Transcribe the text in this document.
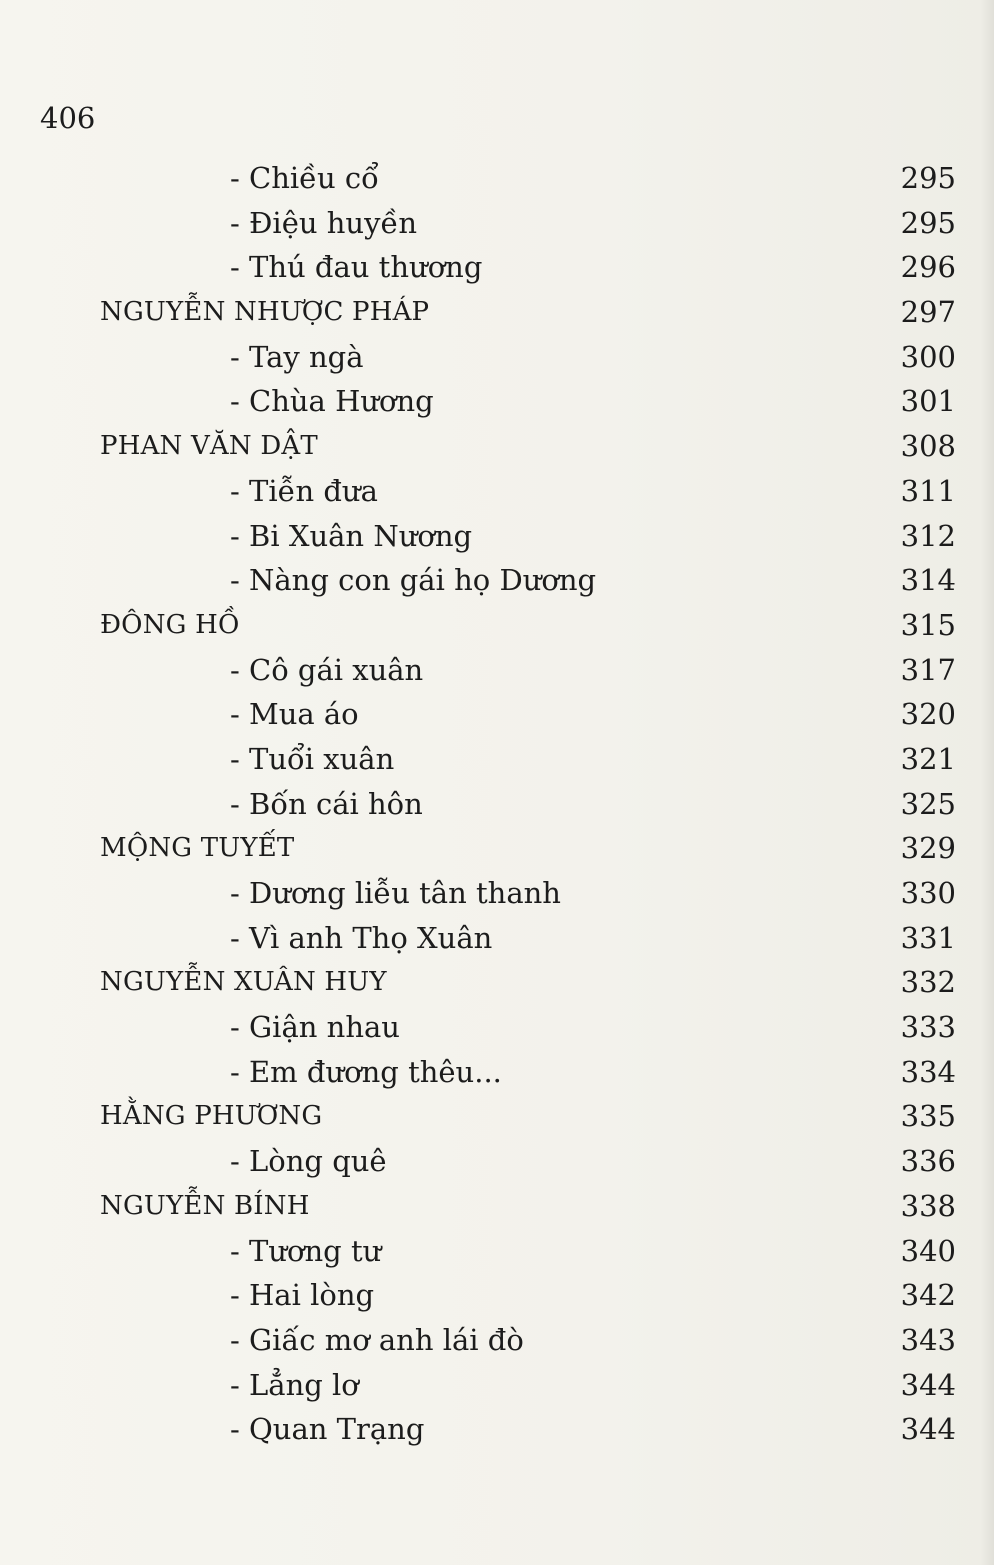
406
- Chiều cổ	295
- Điệu huyền	295
- Thú đau thương	296
NGUYỄN NHƯỢC PHÁP	297
- Tay ngà	300
- Chùa Hương	301
PHAN VĂN DẬT	308
- Tiễn đưa	311
- Bi Xuân Nương	312
- Nàng con gái họ Dương	314
ĐÔNG HỒ	315
- Cô gái xuân	317
- Mua áo	320
- Tuổi xuân	321
- Bốn cái hôn	325
MỘNG TUYẾT	329
- Dương liễu tân thanh	330
- Vì anh Thọ Xuân	331
NGUYỄN XUÂN HUY	332
- Giận nhau	333
- Em đương thêu...	334
HẰNG PHƯƠNG	335
- Lòng quê	336
NGUYỄN BÍNH	338
- Tương tư	340
- Hai lòng	342
- Giấc mơ anh lái đò	343
- Lẳng lơ	344
- Quan Trạng	344
